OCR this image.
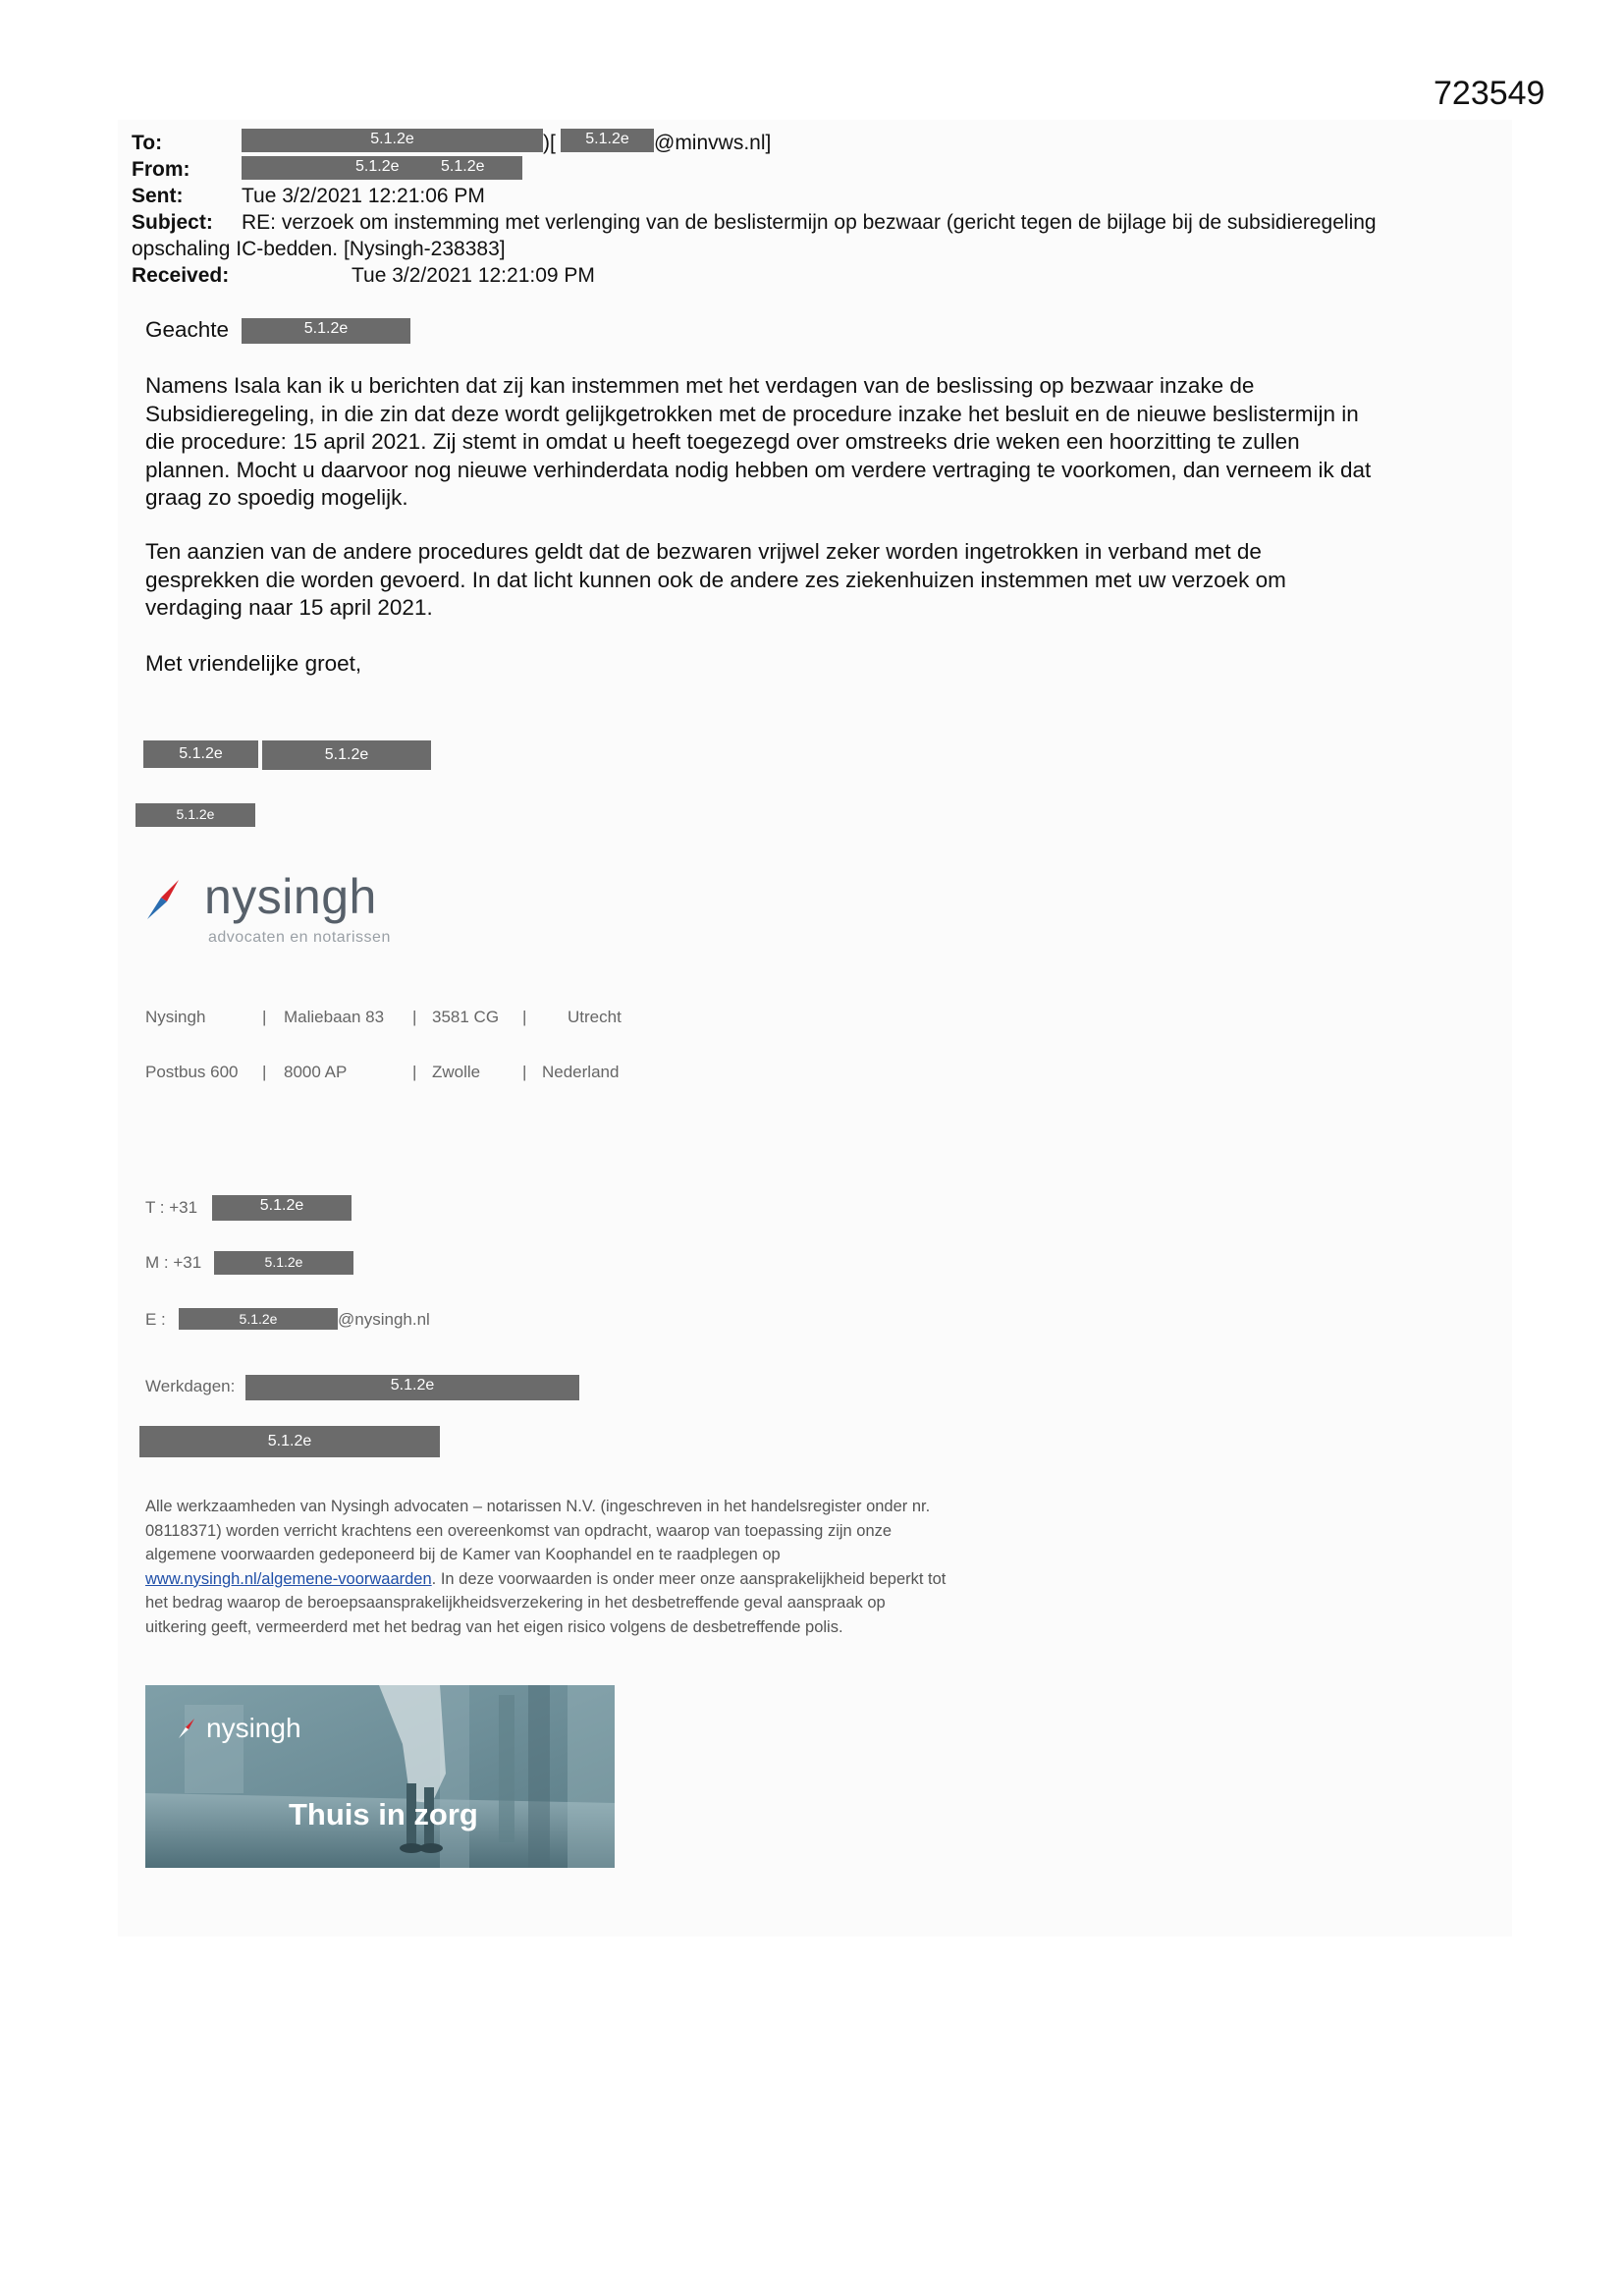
723549
To:	5.1.2e	)[	5.1.2e	@minvws.nl]
From:	5.1.2e	5.1.2e
Sent:	Tue 3/2/2021 12:21:06 PM
Subject: RE: verzoek om instemming met verlenging van de beslistermijn op bezwaar (gericht tegen de bijlage bij de subsidieregeling
opschaling IC-bedden. [Nysingh-238383]
Received:	Tue 3/2/2021 12:21:09 PM
Geachte	5.1.2e

Namens Isala kan ik u berichten dat zij kan instemmen met het verdagen van de beslissing op bezwaar inzake de

Subsidieregeling, in die zin dat deze wordt gelijkgetrokken met de procedure inzake het besluit en de nieuwe beslistermijn in

die procedure: 15 april 2021. Zij stemt in omdat u heeft toegezegd over omstreeks drie weken een hoorzitting te zullen

plannen. Mocht u daarvoor nog nieuwe verhinderdata nodig hebben om verdere vertraging te voorkomen, dan verneem ik dat

graag zo spoedig mogelijk.

Ten aanzien van de andere procedures geldt dat de bezwaren vrijwel zeker worden ingetrokken in verband met de

gesprekken die worden gevoerd. In dat licht kunnen ook de andere zes ziekenhuizen instemmen met uw verzoek om

verdaging naar 15 april 2021.

Met vriendelijke groet,
5.1.2e	5.1.2e
5.1.2e
nysingh
advocaten en notarissen
Nysingh	| Maliebaan 83 | 3581 CG | Utrecht
Postbus 600 | 8000 AP	| Zwolle	| Nederland
T : +31	5.1.2e
M : +31	5.1.2e
E :	5.1.2e	@nysingh.nl
Werkdagen:	5.1.2e
5.1.2e
Alle werkzaamheden van Nysingh advocaten – notarissen N.V. (ingeschreven in het handelsregister onder nr.
08118371) worden verricht krachtens een overeenkomst van opdracht, waarop van toepassing zijn onze
algemene voorwaarden gedeponeerd bij de Kamer van Koophandel en te raadplegen op
www.nysingh.nl/algemene-voorwaarden. In deze voorwaarden is onder meer onze aansprakelijkheid beperkt tot
het bedrag waarop de beroepsaansprakelijkheidsverzekering in het desbetreffende geval aanspraak op
uitkering geeft, vermeerderd met het bedrag van het eigen risico volgens de desbetreffende polis.
nysingh
Thuis in zorg
